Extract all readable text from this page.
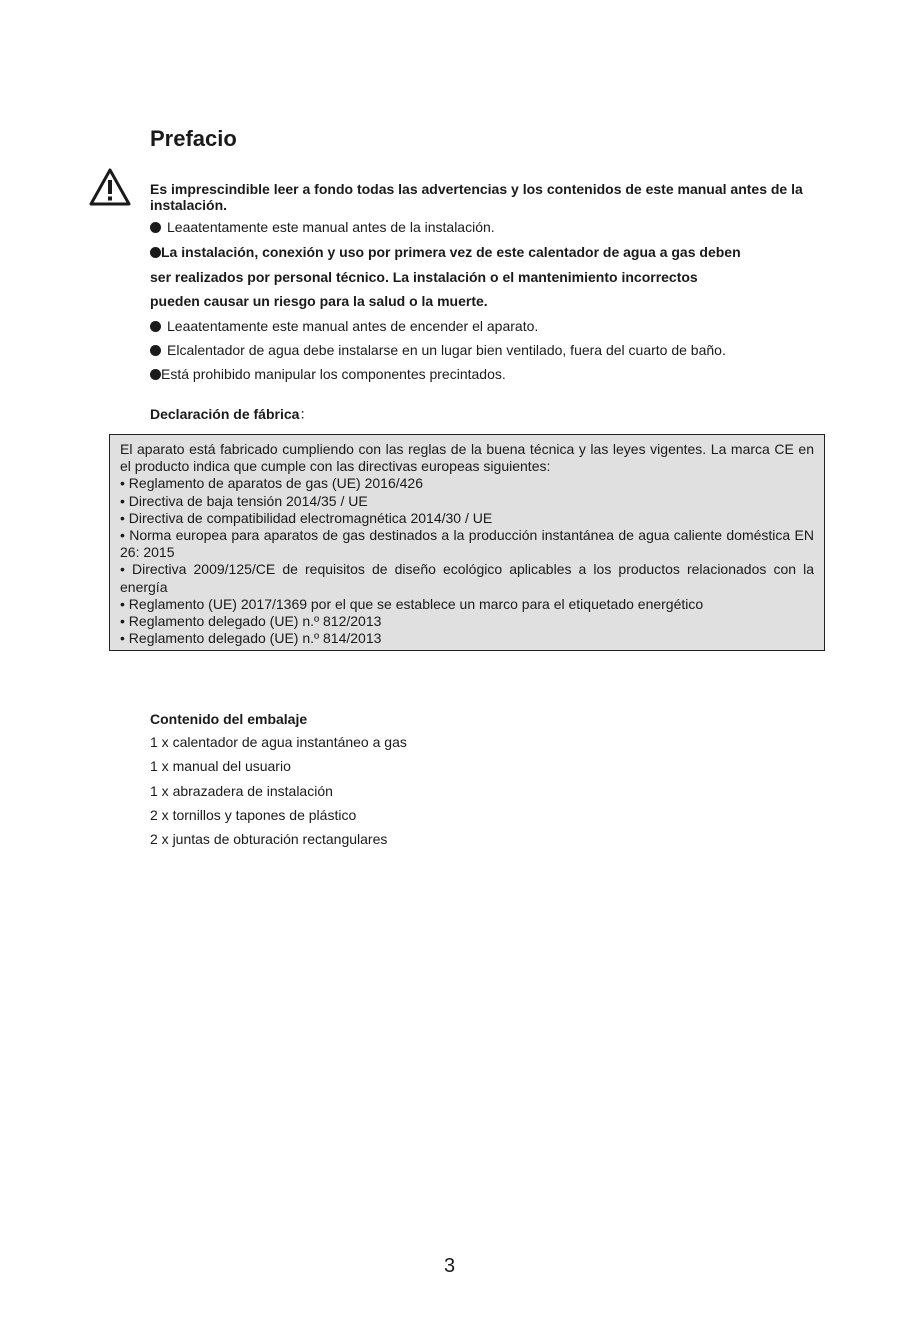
Prefacio
Es imprescindible leer a fondo todas las advertencias y los contenidos de este manual antes de la instalación.
Leaatentamente este manual antes de la instalación.
La instalación, conexión y uso por primera vez de este calentador de agua a gas deben
ser realizados por personal técnico. La instalación o el mantenimiento incorrectos
pueden causar un riesgo para la salud o la muerte.
Leaatentamente este manual antes de encender el aparato.
Elcalentador de agua debe instalarse en un lugar bien ventilado, fuera del cuarto de baño.
Está prohibido manipular los componentes precintados.
Declaración de fábrica：

El aparato está fabricado cumpliendo con las reglas de la buena técnica y las leyes vigentes. La marca CE en el producto indica que cumple con las directivas europeas siguientes:

• Reglamento de aparatos de gas (UE) 2016/426

• Directiva de baja tensión 2014/35 / UE

• Directiva de compatibilidad electromagnética 2014/30 / UE

• Norma europea para aparatos de gas destinados a la producción instantánea de agua caliente doméstica EN 26: 2015

• Directiva 2009/125/CE de requisitos de diseño ecológico aplicables a los productos relacionados con la energía

• Reglamento (UE) 2017/1369 por el que se establece un marco para el etiquetado energético

• Reglamento delegado (UE) n.º 812/2013

• Reglamento delegado (UE) n.º 814/2013

Contenido del embalaje
1 x calentador de agua instantáneo a gas
1 x manual del usuario
1 x abrazadera de instalación
2 x tornillos y tapones de plástico
2 x juntas de obturación rectangulares
3
